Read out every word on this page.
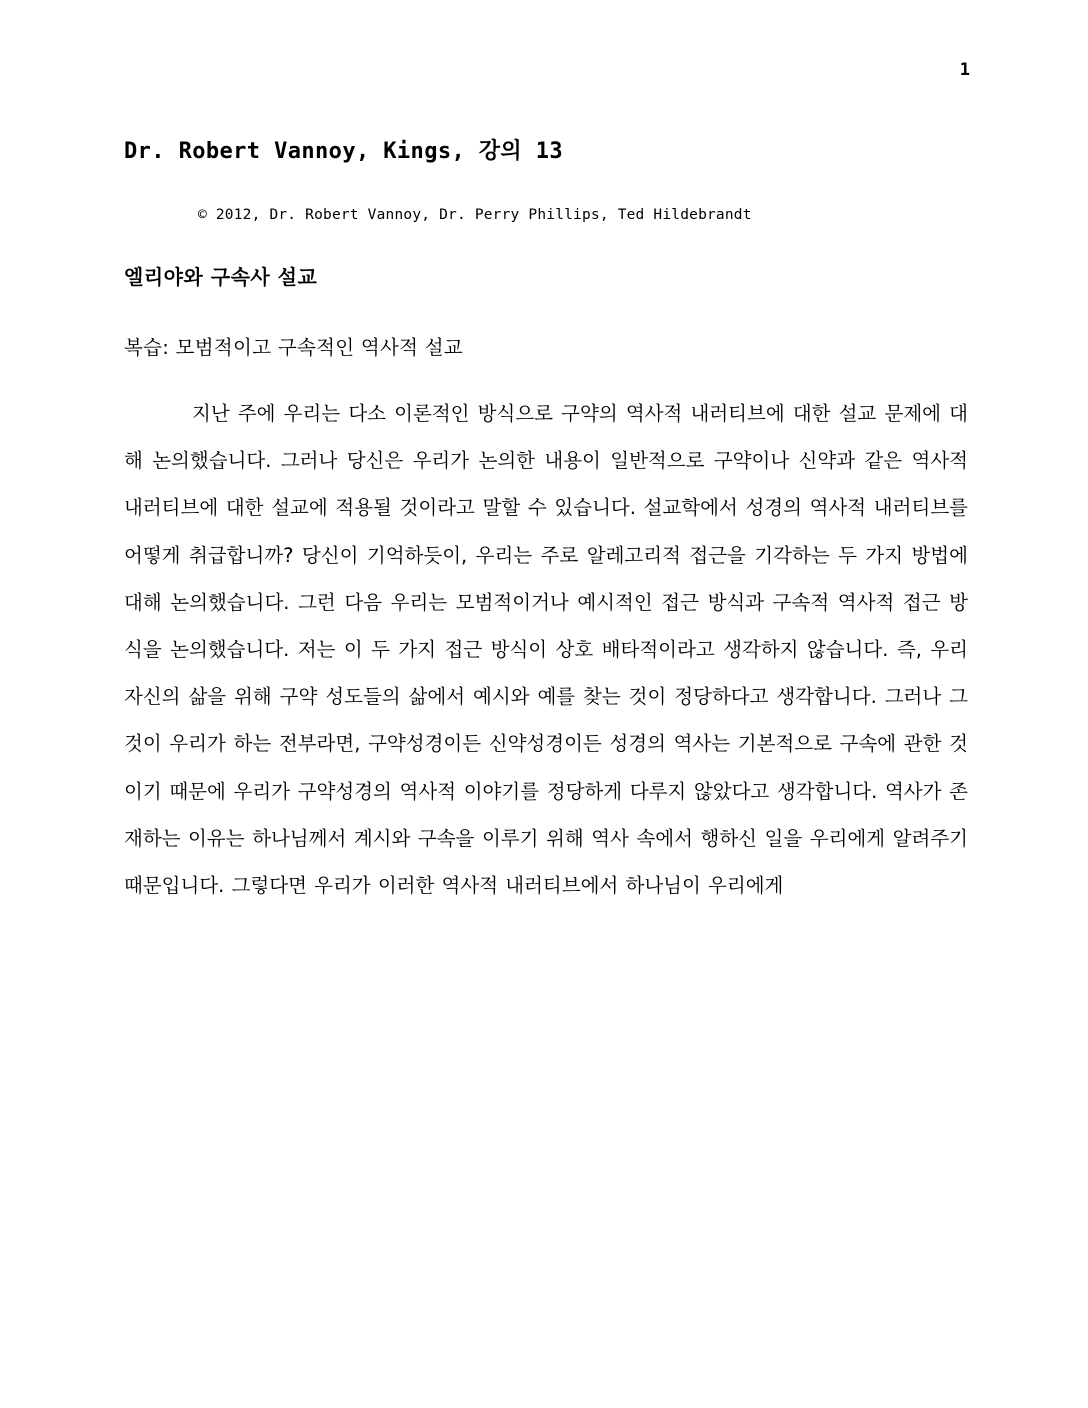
1
Dr. Robert Vannoy, Kings, 강의 13
© 2012, Dr. Robert Vannoy, Dr. Perry Phillips, Ted Hildebrandt
엘리야와 구속사 설교
복습: 모범적이고 구속적인 역사적 설교

지난 주에 우리는 다소 이론적인 방식으로 구약의 역사적 내러티브에 대한 설교 문제에 대해 논의했습니다. 그러나 당신은 우리가 논의한 내용이 일반적으로 구약이나 신약과 같은 역사적 내러티브에 대한 설교에 적용될 것이라고 말할 수 있습니다. 설교학에서 성경의 역사적 내러티브를 어떻게 취급합니까? 당신이 기억하듯이, 우리는 주로 알레고리적 접근을 기각하는 두 가지 방법에 대해 논의했습니다. 그런 다음 우리는 모범적이거나 예시적인 접근 방식과 구속적 역사적 접근 방식을 논의했습니다. 저는 이 두 가지 접근 방식이 상호 배타적이라고 생각하지 않습니다. 즉, 우리 자신의 삶을 위해 구약 성도들의 삶에서 예시와 예를 찾는 것이 정당하다고 생각합니다. 그러나 그것이 우리가 하는 전부라면, 구약성경이든 신약성경이든 성경의 역사는 기본적으로 구속에 관한 것이기 때문에 우리가 구약성경의 역사적 이야기를 정당하게 다루지 않았다고 생각합니다. 역사가 존재하는 이유는 하나님께서 계시와 구속을 이루기 위해 역사 속에서 행하신 일을 우리에게 알려주기 때문입니다. 그렇다면 우리가 이러한 역사적 내러티브에서 하나님이 우리에게
